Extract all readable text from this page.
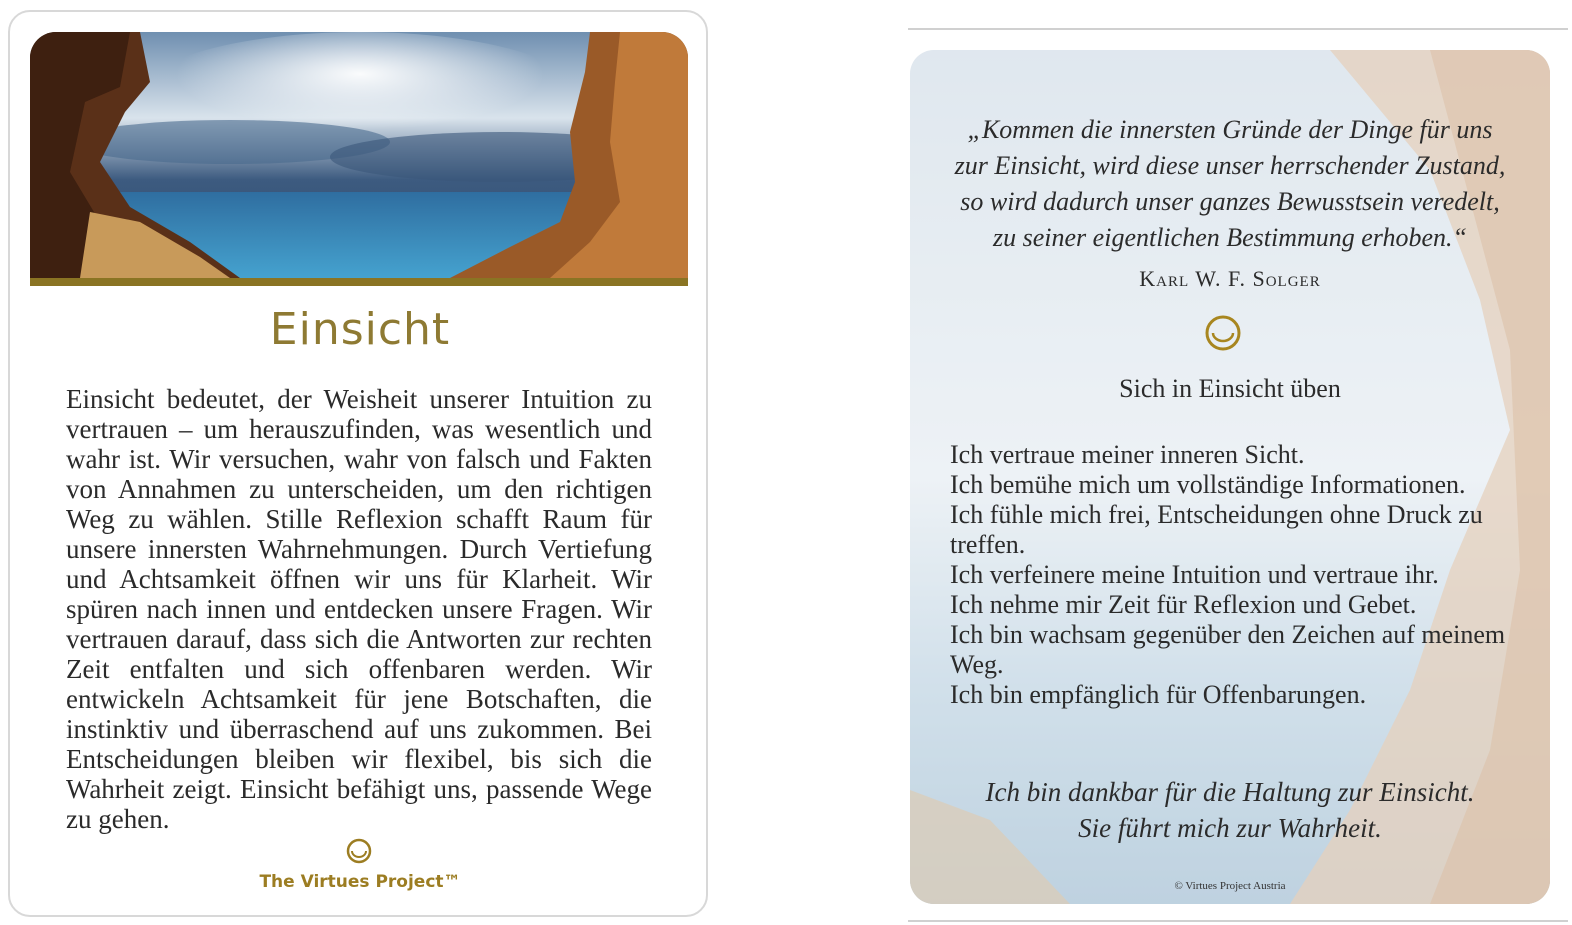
Einsicht
Einsicht bedeutet, der Weisheit unserer Intuition zu vertrauen – um herauszufinden, was wesentlich und wahr ist. Wir versuchen, wahr von falsch und Fakten von Annahmen zu unterscheiden, um den richtigen Weg zu wählen. Stille Reflexion schafft Raum für unsere innersten Wahrnehmungen. Durch Vertiefung und Achtsamkeit öffnen wir uns für Klarheit. Wir spüren nach innen und entdecken unsere Fragen. Wir vertrauen darauf, dass sich die Antworten zur rechten Zeit entfalten und sich offenbaren werden. Wir entwickeln Achtsamkeit für jene Botschaften, die instinktiv und überraschend auf uns zukommen. Bei Entscheidungen bleiben wir flexibel, bis sich die Wahrheit zeigt. Einsicht befähigt uns, passende Wege zu gehen.
The Virtues Project™
„Kommen die innersten Gründe der Dinge für uns
zur Einsicht, wird diese unser herrschender Zustand,
so wird dadurch unser ganzes Bewusstsein veredelt,
zu seiner eigentlichen Bestimmung erhoben.“
Karl W. F. Solger
Sich in Einsicht üben
Ich vertraue meiner inneren Sicht.
Ich bemühe mich um vollständige Informationen.
Ich fühle mich frei, Entscheidungen ohne Druck zu treffen.
Ich verfeinere meine Intuition und vertraue ihr.
Ich nehme mir Zeit für Reflexion und Gebet.
Ich bin wachsam gegenüber den Zeichen auf meinem Weg.
Ich bin empfänglich für Offenbarungen.
Ich bin dankbar für die Haltung zur Einsicht.
Sie führt mich zur Wahrheit.
© Virtues Project Austria
